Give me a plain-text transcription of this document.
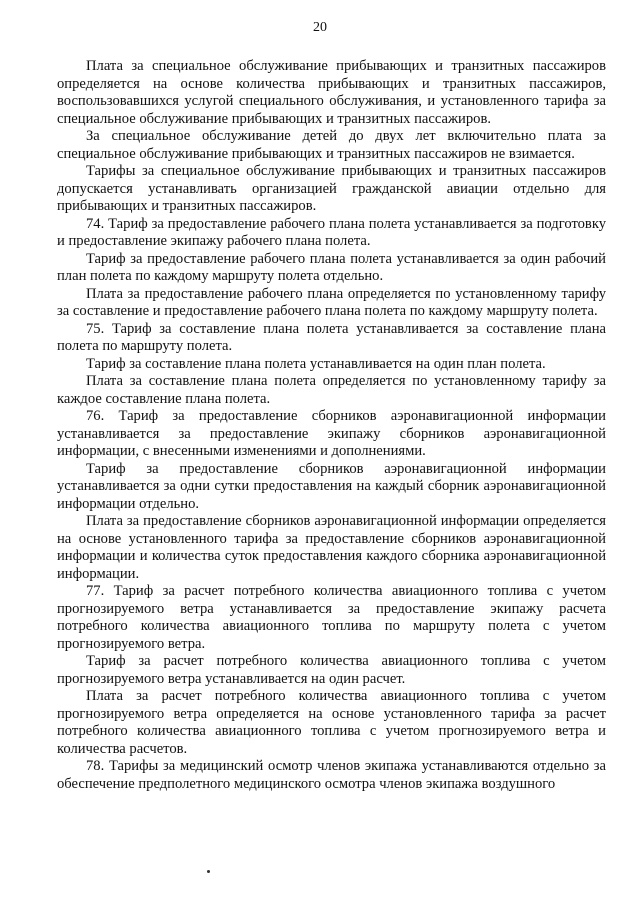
20

Плата за специальное обслуживание прибывающих и транзитных пассажиров определяется на основе количества прибывающих и транзитных пассажиров, воспользовавшихся услугой специального обслуживания, и установленного тарифа за специальное обслуживание прибывающих и транзитных пассажиров.

За специальное обслуживание детей до двух лет включительно плата за специальное обслуживание прибывающих и транзитных пассажиров не взимается.

Тарифы за специальное обслуживание прибывающих и транзитных пассажиров допускается устанавливать организацией гражданской авиации отдельно для прибывающих и транзитных пассажиров.

74. Тариф за предоставление рабочего плана полета устанавливается за подготовку и предоставление экипажу рабочего плана полета.

Тариф за предоставление рабочего плана полета устанавливается за один рабочий план полета по каждому маршруту полета отдельно.

Плата за предоставление рабочего плана определяется по установленному тарифу за составление и предоставление рабочего плана полета по каждому маршруту полета.

75. Тариф за составление плана полета устанавливается за составление плана полета по маршруту полета.

Тариф за составление плана полета устанавливается на один план полета.

Плата за составление плана полета определяется по установленному тарифу за каждое составление плана полета.

76. Тариф за предоставление сборников аэронавигационной информации устанавливается за предоставление экипажу сборников аэронавигационной информации, с внесенными изменениями и дополнениями.

Тариф за предоставление сборников аэронавигационной информации устанавливается за одни сутки предоставления на каждый сборник аэронавигационной информации отдельно.

Плата за предоставление сборников аэронавигационной информации определяется на основе установленного тарифа за предоставление сборников аэронавигационной информации и количества суток предоставления каждого сборника аэронавигационной информации.

77. Тариф за расчет потребного количества авиационного топлива с учетом прогнозируемого ветра устанавливается за предоставление экипажу расчета потребного количества авиационного топлива по маршруту полета с учетом прогнозируемого ветра.

Тариф за расчет потребного количества авиационного топлива с учетом прогнозируемого ветра устанавливается на один расчет.

Плата за расчет потребного количества авиационного топлива с учетом прогнозируемого ветра определяется на основе установленного тарифа за расчет потребного количества авиационного топлива с учетом прогнозируемого ветра и количества расчетов.

78. Тарифы за медицинский осмотр членов экипажа устанавливаются отдельно за обеспечение предполетного медицинского осмотра членов экипажа воздушного
